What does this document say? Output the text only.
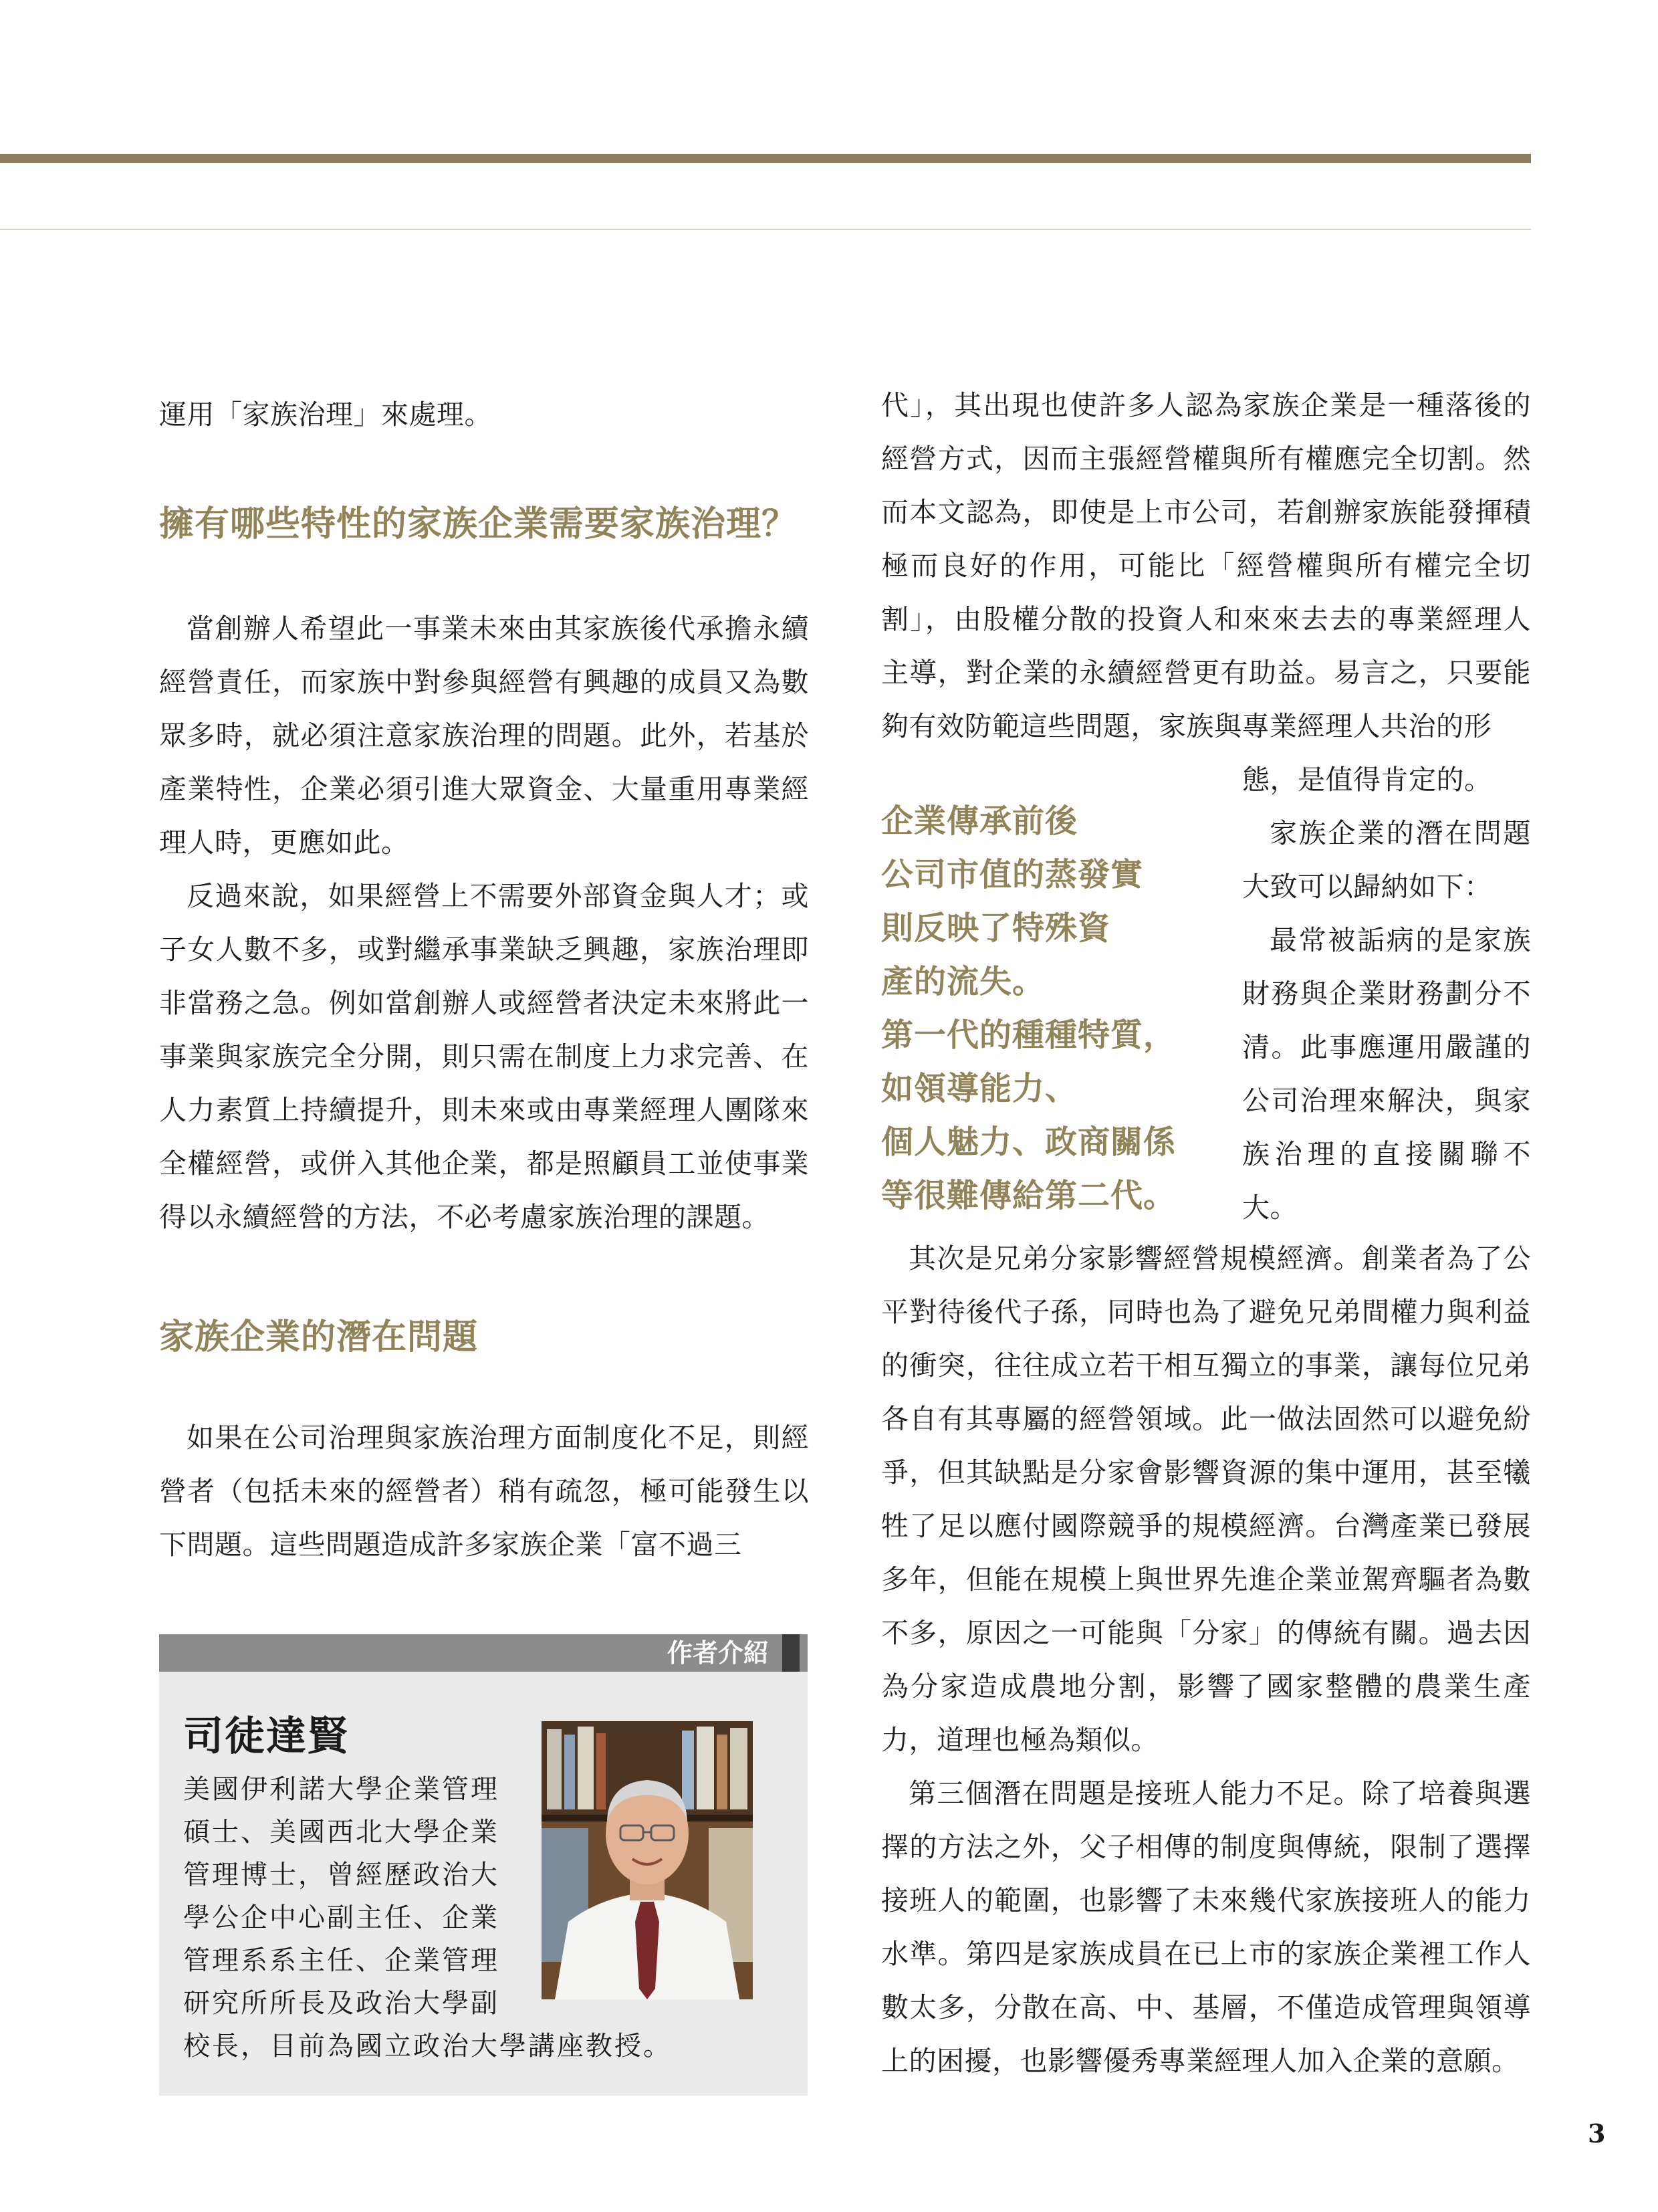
運用「家族治理」來處理。

擁有哪些特性的家族企業需要家族治理？

當創辦人希望此一事業未來由其家族後代承擔永續經營責任，而家族中對參與經營有興趣的成員又為數眾多時，就必須注意家族治理的問題。此外，若基於產業特性，企業必須引進大眾資金、大量重用專業經理人時，更應如此。

反過來說，如果經營上不需要外部資金與人才；或子女人數不多，或對繼承事業缺乏興趣，家族治理即非當務之急。例如當創辦人或經營者決定未來將此一事業與家族完全分開，則只需在制度上力求完善、在人力素質上持續提升，則未來或由專業經理人團隊來全權經營，或併入其他企業，都是照顧員工並使事業得以永續經營的方法，不必考慮家族治理的課題。

家族企業的潛在問題

如果在公司治理與家族治理方面制度化不足，則經營者（包括未來的經營者）稍有疏忽，極可能發生以下問題。這些問題造成許多家族企業「富不過三

作者介紹
司徒達賢
美國伊利諾大學企業管理
碩士、美國西北大學企業
管理博士，曾經歷政治大
學公企中心副主任、企業
管理系系主任、企業管理
研究所所長及政治大學副
校長，目前為國立政治大學講座教授。

代」，其出現也使許多人認為家族企業是一種落後的經營方式，因而主張經營權與所有權應完全切割。然而本文認為，即使是上市公司，若創辦家族能發揮積極而良好的作用，可能比「經營權與所有權完全切割」，由股權分散的投資人和來來去去的專業經理人主導，對企業的永續經營更有助益。易言之，只要能夠有效防範這些問題，家族與專業經理人共治的形

態，是值得肯定的。

企業傳承前後
公司市值的蒸發實
則反映了特殊資
產的流失。
第一代的種種特質，
如領導能力、
個人魅力、政商關係
等很難傳給第二代。

家族企業的潛在問題大致可以歸納如下：

最常被詬病的是家族財務與企業財務劃分不清。此事應運用嚴謹的公司治理來解決，與家族治理的直接關聯不大。

其次是兄弟分家影響經營規模經濟。創業者為了公平對待後代子孫，同時也為了避免兄弟間權力與利益的衝突，往往成立若干相互獨立的事業，讓每位兄弟各自有其專屬的經營領域。此一做法固然可以避免紛爭，但其缺點是分家會影響資源的集中運用，甚至犧牲了足以應付國際競爭的規模經濟。台灣產業已發展多年，但能在規模上與世界先進企業並駕齊驅者為數不多，原因之一可能與「分家」的傳統有關。過去因為分家造成農地分割，影響了國家整體的農業生產力，道理也極為類似。

第三個潛在問題是接班人能力不足。除了培養與選擇的方法之外，父子相傳的制度與傳統，限制了選擇接班人的範圍，也影響了未來幾代家族接班人的能力水準。第四是家族成員在已上市的家族企業裡工作人數太多，分散在高、中、基層，不僅造成管理與領導上的困擾，也影響優秀專業經理人加入企業的意願。

3
